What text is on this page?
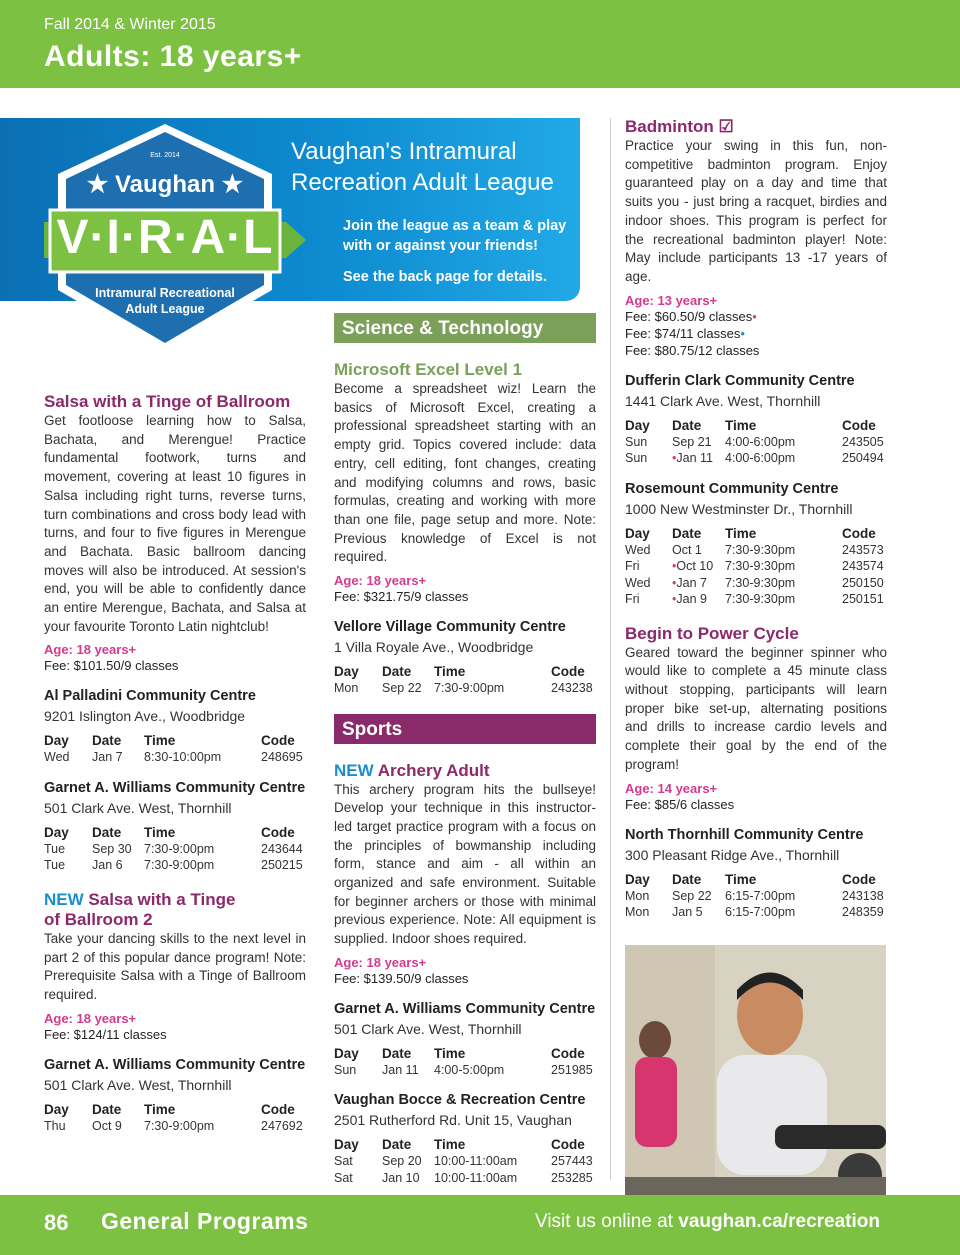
Fall 2014 & Winter 2015
Adults: 18 years+
Vaughan's Intramural Recreation Adult League
Join the league as a team & play with or against your friends!
See the back page for details.
Est. 2014
★ Vaughan ★
V·I·R·A·L
Intramural Recreational Adult League
Salsa with a Tinge of Ballroom
Get footloose learning how to Salsa, Bachata, and Merengue! Practice fundamental footwork, turns and movement, covering at least 10 figures in Salsa including right turns, reverse turns, turn combinations and cross body lead with turns, and four to five figures in Merengue and Bachata. Basic ballroom dancing moves will also be introduced. At session's end, you will be able to confidently dance an entire Merengue, Bachata, and Salsa at your favourite Toronto Latin nightclub!
Age: 18 years+
Fee: $101.50/9 classes
Al Palladini Community Centre
9201 Islington Ave., Woodbridge
Day	Date	Time	Code
Wed	Jan 7	8:30-10:00pm	248695
Garnet A. Williams Community Centre
501 Clark Ave. West, Thornhill
Day	Date	Time	Code
Tue	Sep 30	7:30-9:00pm	243644
Tue	Jan 6	7:30-9:00pm	250215
NEW Salsa with a Tinge
of Ballroom 2
Take your dancing skills to the next level in part 2 of this popular dance program! Note: Prerequisite Salsa with a Tinge of Ballroom required.
Age: 18 years+
Fee: $124/11 classes
Garnet A. Williams Community Centre
501 Clark Ave. West, Thornhill
Day	Date	Time	Code
Thu	Oct 9	7:30-9:00pm	247692
Science & Technology
Microsoft Excel Level 1
Become a spreadsheet wiz! Learn the basics of Microsoft Excel, creating a professional spreadsheet starting with an empty grid. Topics covered include: data entry, cell editing, font changes, creating and modifying columns and rows, basic formulas, creating and working with more than one file, page setup and more. Note: Previous knowledge of Excel is not required.
Age: 18 years+
Fee: $321.75/9 classes
Vellore Village Community Centre
1 Villa Royale Ave., Woodbridge
Day	Date	Time	Code
Mon	Sep 22	7:30-9:00pm	243238
Sports
NEW Archery Adult
This archery program hits the bullseye! Develop your technique in this instructor-led target practice program with a focus on the principles of bowmanship including form, stance and aim - all within an organized and safe environment. Suitable for beginner archers or those with minimal previous experience. Note: All equipment is supplied. Indoor shoes required.
Age: 18 years+
Fee: $139.50/9 classes
Garnet A. Williams Community Centre
501 Clark Ave. West, Thornhill
Day	Date	Time	Code
Sun	Jan 11	4:00-5:00pm	251985
Vaughan Bocce & Recreation Centre
2501 Rutherford Rd. Unit 15, Vaughan
Day	Date	Time	Code
Sat	Sep 20	10:00-11:00am	257443
Sat	Jan 10	10:00-11:00am	253285
Badminton ☑
Practice your swing in this fun, non-competitive badminton program. Enjoy guaranteed play on a day and time that suits you - just bring a racquet, birdies and indoor shoes. This program is perfect for the recreational badminton player! Note: May include participants 13 -17 years of age.
Age: 13 years+
Fee: $60.50/9 classes•
Fee: $74/11 classes•
Fee: $80.75/12 classes
Dufferin Clark Community Centre
1441 Clark Ave. West, Thornhill
Day	Date	Time	Code
Sun	Sep 21	4:00-6:00pm	243505
Sun	•Jan 11	4:00-6:00pm	250494
Rosemount Community Centre
1000 New Westminster Dr., Thornhill
Day	Date	Time	Code
Wed	Oct 1	7:30-9:30pm	243573
Fri	•Oct 10	7:30-9:30pm	243574
Wed	•Jan 7	7:30-9:30pm	250150
Fri	•Jan 9	7:30-9:30pm	250151
Begin to Power Cycle
Geared toward the beginner spinner who would like to complete a 45 minute class without stopping, participants will learn proper bike set-up, alternating positions and drills to increase cardio levels and complete their goal by the end of the program!
Age: 14 years+
Fee: $85/6 classes
North Thornhill Community Centre
300 Pleasant Ridge Ave., Thornhill
Day	Date	Time	Code
Mon	Sep 22	6:15-7:00pm	243138
Mon	Jan 5	6:15-7:00pm	248359
86 General Programs	Visit us online at vaughan.ca/recreation
